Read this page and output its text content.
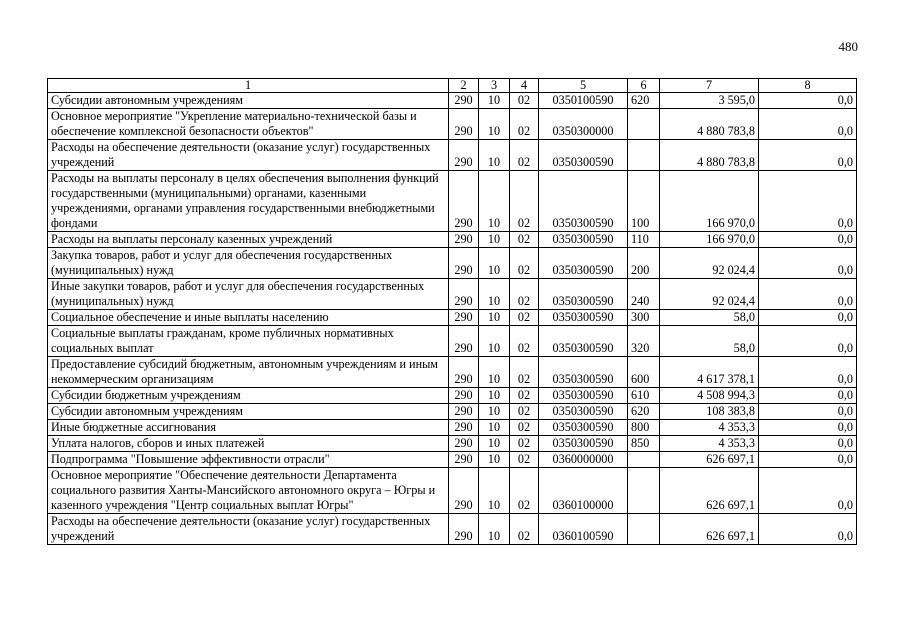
480
1	2	3	4	5	6	7	8
Субсидии автономным учреждениям	290	10	02	0350100590	620	3 595,0	0,0
Основное мероприятие "Укрепление материально-технической базы и обеспечение комплексной безопасности объектов"	290	10	02	0350300000		4 880 783,8	0,0
Расходы на обеспечение деятельности (оказание услуг) государственных учреждений	290	10	02	0350300590		4 880 783,8	0,0
Расходы на выплаты персоналу в целях обеспечения выполнения функций государственными (муниципальными) органами, казенными учреждениями, органами управления государственными внебюджетными фондами	290	10	02	0350300590	100	166 970,0	0,0
Расходы на выплаты персоналу казенных учреждений	290	10	02	0350300590	110	166 970,0	0,0
Закупка товаров, работ и услуг для обеспечения государственных (муниципальных) нужд	290	10	02	0350300590	200	92 024,4	0,0
Иные закупки товаров, работ и услуг для обеспечения государственных (муниципальных) нужд	290	10	02	0350300590	240	92 024,4	0,0
Социальное обеспечение и иные выплаты населению	290	10	02	0350300590	300	58,0	0,0
Социальные выплаты гражданам, кроме публичных нормативных социальных выплат	290	10	02	0350300590	320	58,0	0,0
Предоставление субсидий бюджетным, автономным учреждениям и иным некоммерческим организациям	290	10	02	0350300590	600	4 617 378,1	0,0
Субсидии бюджетным учреждениям	290	10	02	0350300590	610	4 508 994,3	0,0
Субсидии автономным учреждениям	290	10	02	0350300590	620	108 383,8	0,0
Иные бюджетные ассигнования	290	10	02	0350300590	800	4 353,3	0,0
Уплата налогов, сборов и иных платежей	290	10	02	0350300590	850	4 353,3	0,0
Подпрограмма "Повышение эффективности отрасли"	290	10	02	0360000000		626 697,1	0,0
Основное мероприятие "Обеспечение деятельности Департамента социального развития Ханты-Мансийского автономного округа – Югры и казенного учреждения "Центр социальных выплат Югры"	290	10	02	0360100000		626 697,1	0,0
Расходы на обеспечение деятельности (оказание услуг) государственных учреждений	290	10	02	0360100590		626 697,1	0,0
